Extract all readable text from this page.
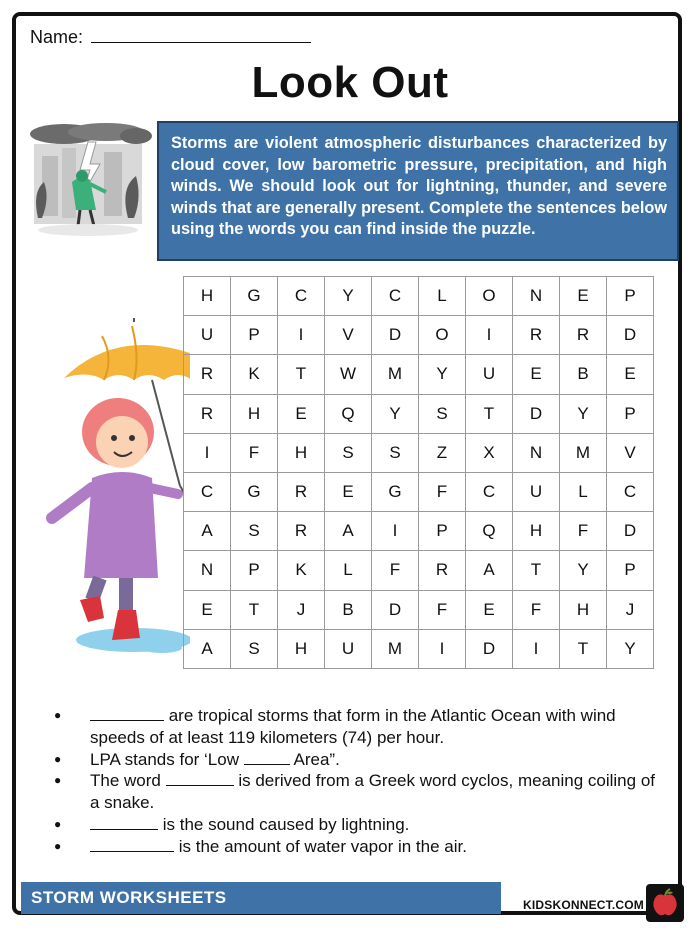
Name:
Look Out
Storms are violent atmospheric disturbances characterized by cloud cover, low barometric pressure, precipitation, and high winds. We should look out for lightning, thunder, and severe winds that are generally present. Complete the sentences below using the words you can find inside the puzzle.
H	G	C	Y	C	L	O	N	E	P
U	P	I	V	D	O	I	R	R	D
R	K	T	W	M	Y	U	E	B	E
R	H	E	Q	Y	S	T	D	Y	P
I	F	H	S	S	Z	X	N	M	V
C	G	R	E	G	F	C	U	L	C
A	S	R	A	I	P	Q	H	F	D
N	P	K	L	F	R	A	T	Y	P
E	T	J	B	D	F	E	F	H	J
A	S	H	U	M	I	D	I	T	Y
● are tropical storms that form in the Atlantic Ocean with wind speeds of at least 119 kilometers (74) per hour.
● LPA stands for ‘Low	Area”.
● The word	is derived from a Greek word cyclos, meaning coiling of a snake.
● is the sound caused by lightning.
● is the amount of water vapor in the air.
STORM WORKSHEETS	KIDSKONNECT.COM
